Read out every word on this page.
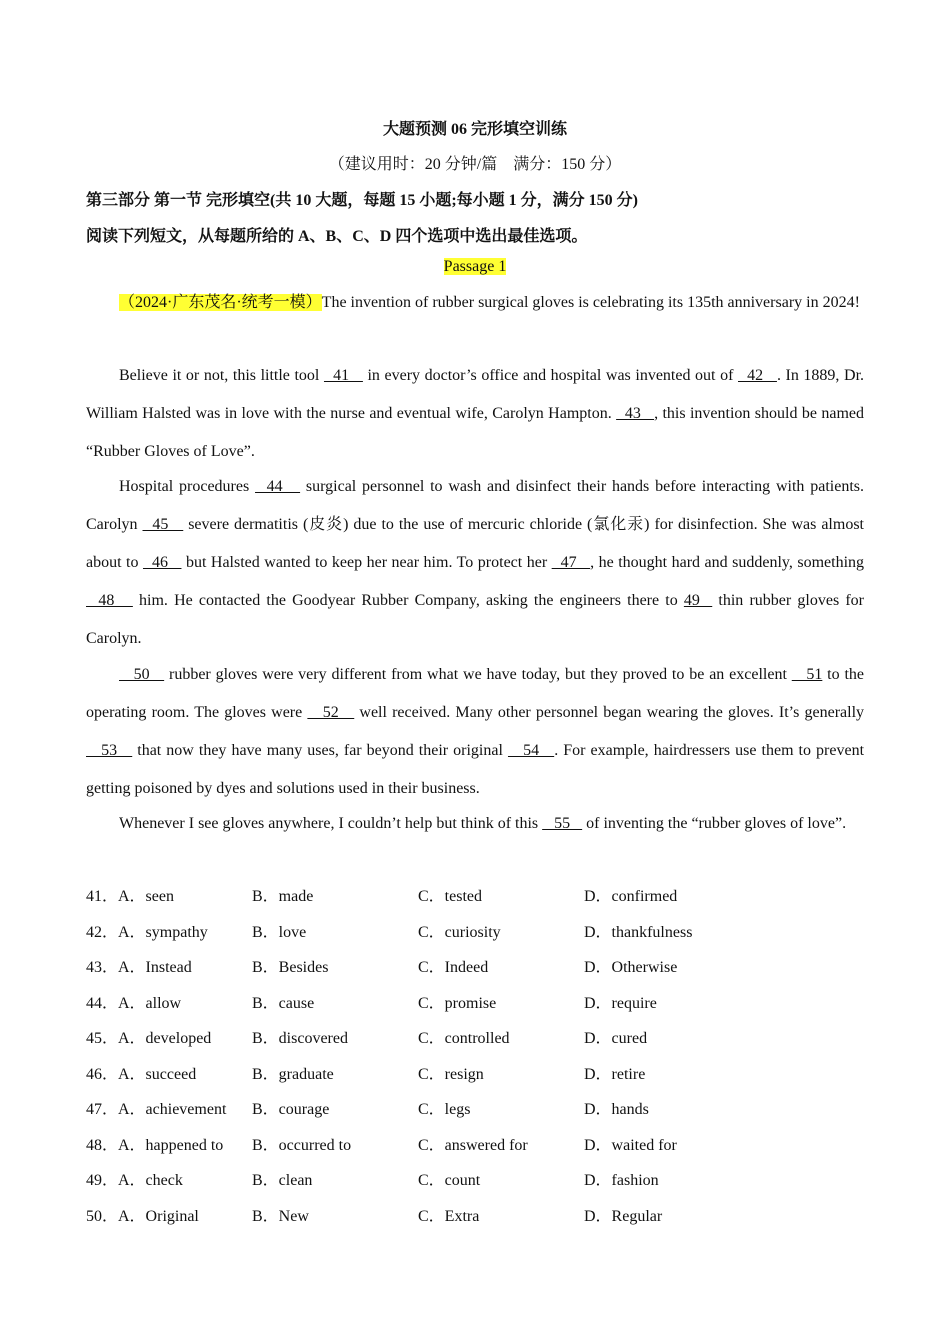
大题预测 06 完形填空训练
（建议用时：20 分钟/篇　满分：150 分）
第三部分 第一节 完形填空(共 10 大题，每题 15 小题;每小题 1 分，满分 150 分)
阅读下列短文，从每题所给的 A、B、C、D 四个选项中选出最佳选项。
Passage 1
（2024·广东茂名·统考一模）The invention of rubber surgical gloves is celebrating its 135th anniversary in 2024!
Believe it or not, this little tool   41    in every doctor’s office and hospital was invented out of   42   . In 1889, Dr. William Halsted was in love with the nurse and eventual wife, Carolyn Hampton.   43   , this invention should be named “Rubber Gloves of Love”.
Hospital procedures   44    surgical personnel to wash and disinfect their hands before interacting with patients. Carolyn   45    severe dermatitis (皮炎) due to the use of mercuric chloride (氯化汞) for disinfection. She was almost about to   46    but Halsted wanted to keep her near him. To protect her   47   , he thought hard and suddenly, something   48    him. He contacted the Goodyear Rubber Company, asking the engineers there to 49   thin rubber gloves for Carolyn.
50    rubber gloves were very different from what we have today, but they proved to be an excellent    51 to the operating room. The gloves were    52    well received. Many other personnel began wearing the gloves. It’s generally    53    that now they have many uses, far beyond their original    54   . For example, hairdressers use them to prevent getting poisoned by dyes and solutions used in their business.
Whenever I see gloves anywhere, I couldn’t help but think of this    55    of inventing the “rubber gloves of love”.
41．A．seen	B．made	C．tested	D．confirmed
42．A．sympathy	B．love	C．curiosity	D．thankfulness
43．A．Instead	B．Besides	C．Indeed	D．Otherwise
44．A．allow	B．cause	C．promise	D．require
45．A．developed	B．discovered	C．controlled	D．cured
46．A．succeed	B．graduate	C．resign	D．retire
47．A．achievement B．courage	C．legs	D．hands
48．A．happened to B．occurred to	C．answered for	D．waited for
49．A．check	B．clean	C．count	D．fashion
50．A．Original	B．New	C．Extra	D．Regular
